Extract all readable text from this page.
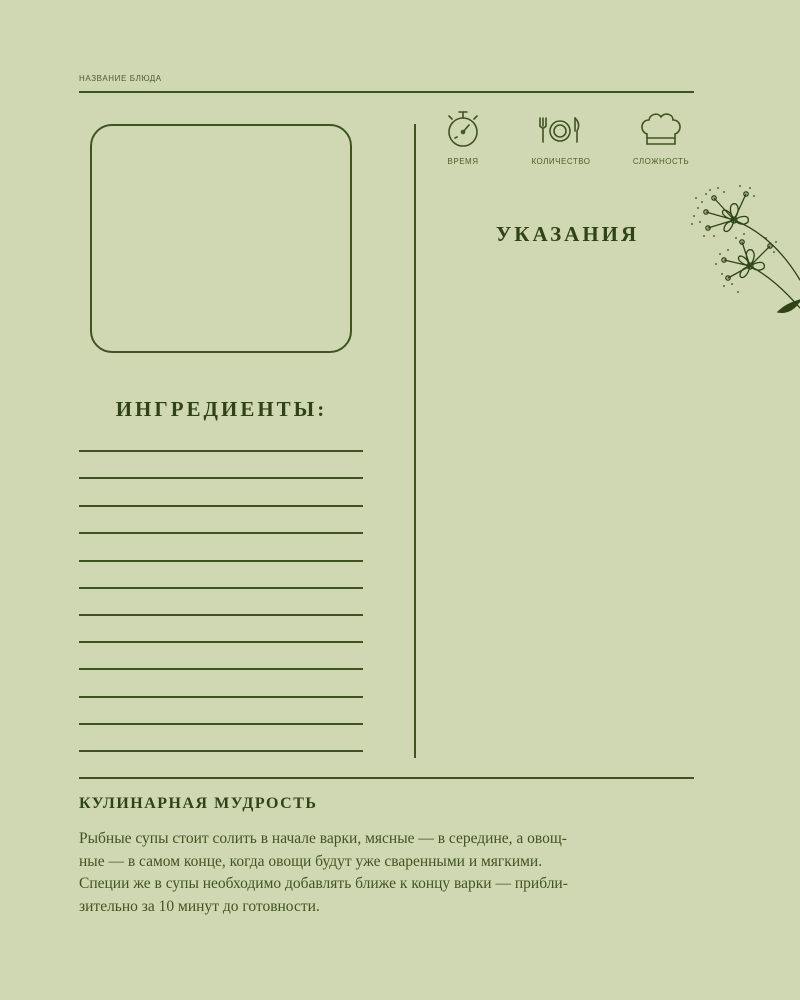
НАЗВАНИЕ БЛЮДА
ВРЕМЯ	КОЛИЧЕСТВО	СЛОЖНОСТЬ
УКАЗАНИЯ
ИНГРЕДИЕНТЫ:
КУЛИНАРНАЯ МУДРОСТЬ
Рыбные супы стоит солить в начале варки, мясные — в середине, а овощ-
ные — в самом конце, когда овощи будут уже сваренными и мягкими.
Специи же в супы необходимо добавлять ближе к концу варки — прибли-
зительно за 10 минут до готовности.
